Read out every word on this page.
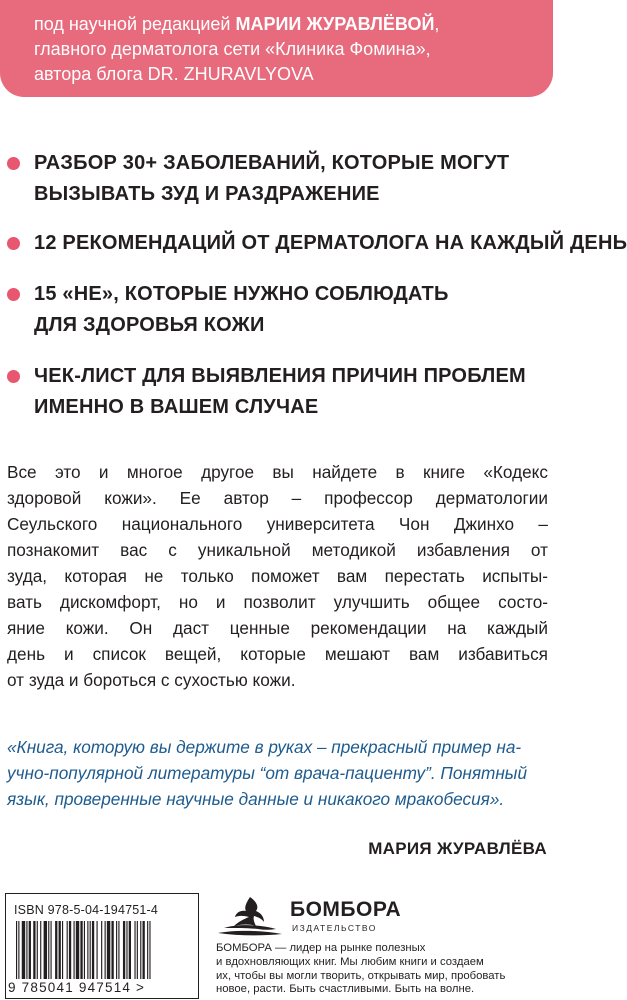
под научной редакцией МАРИИ ЖУРАВЛЁВОЙ,
главного дерматолога сети «Клиника Фомина»,
автора блога DR. ZHURAVLYOVA
РАЗБОР 30+ ЗАБОЛЕВАНИЙ, КОТОРЫЕ МОГУТ
ВЫЗЫВАТЬ ЗУД И РАЗДРАЖЕНИЕ
12 РЕКОМЕНДАЦИЙ ОТ ДЕРМАТОЛОГА НА КАЖДЫЙ ДЕНЬ
15 «НЕ», КОТОРЫЕ НУЖНО СОБЛЮДАТЬ
ДЛЯ ЗДОРОВЬЯ КОЖИ
ЧЕК-ЛИСТ ДЛЯ ВЫЯВЛЕНИЯ ПРИЧИН ПРОБЛЕМ
ИМЕННО В ВАШЕМ СЛУЧАЕ
Все это и многое другое вы найдете в книге «Кодекс
здоровой кожи». Ее автор – профессор дерматологии
Сеульского национального университета Чон Джинхо –
познакомит вас с уникальной методикой избавления от
зуда, которая не только поможет вам перестать испыты-
вать дискомфорт, но и позволит улучшить общее состо-
яние кожи. Он даст ценные рекомендации на каждый
день и список вещей, которые мешают вам избавиться
от зуда и бороться с сухостью кожи.
«Книга, которую вы держите в руках – прекрасный пример на-
учно-популярной литературы “от врача-пациенту”. Понятный
язык, проверенные научные данные и никакого мракобесия».
МАРИЯ ЖУРАВЛЁВА
ISBN 978-5-04-194751-4
9 785041 947514 >
БОМБОРА
ИЗДАТЕЛЬСТВО
БОМБОРА — лидер на рынке полезных
и вдохновляющих книг. Мы любим книги и создаем
их, чтобы вы могли творить, открывать мир, пробовать
новое, расти. Быть счастливыми. Быть на волне.
